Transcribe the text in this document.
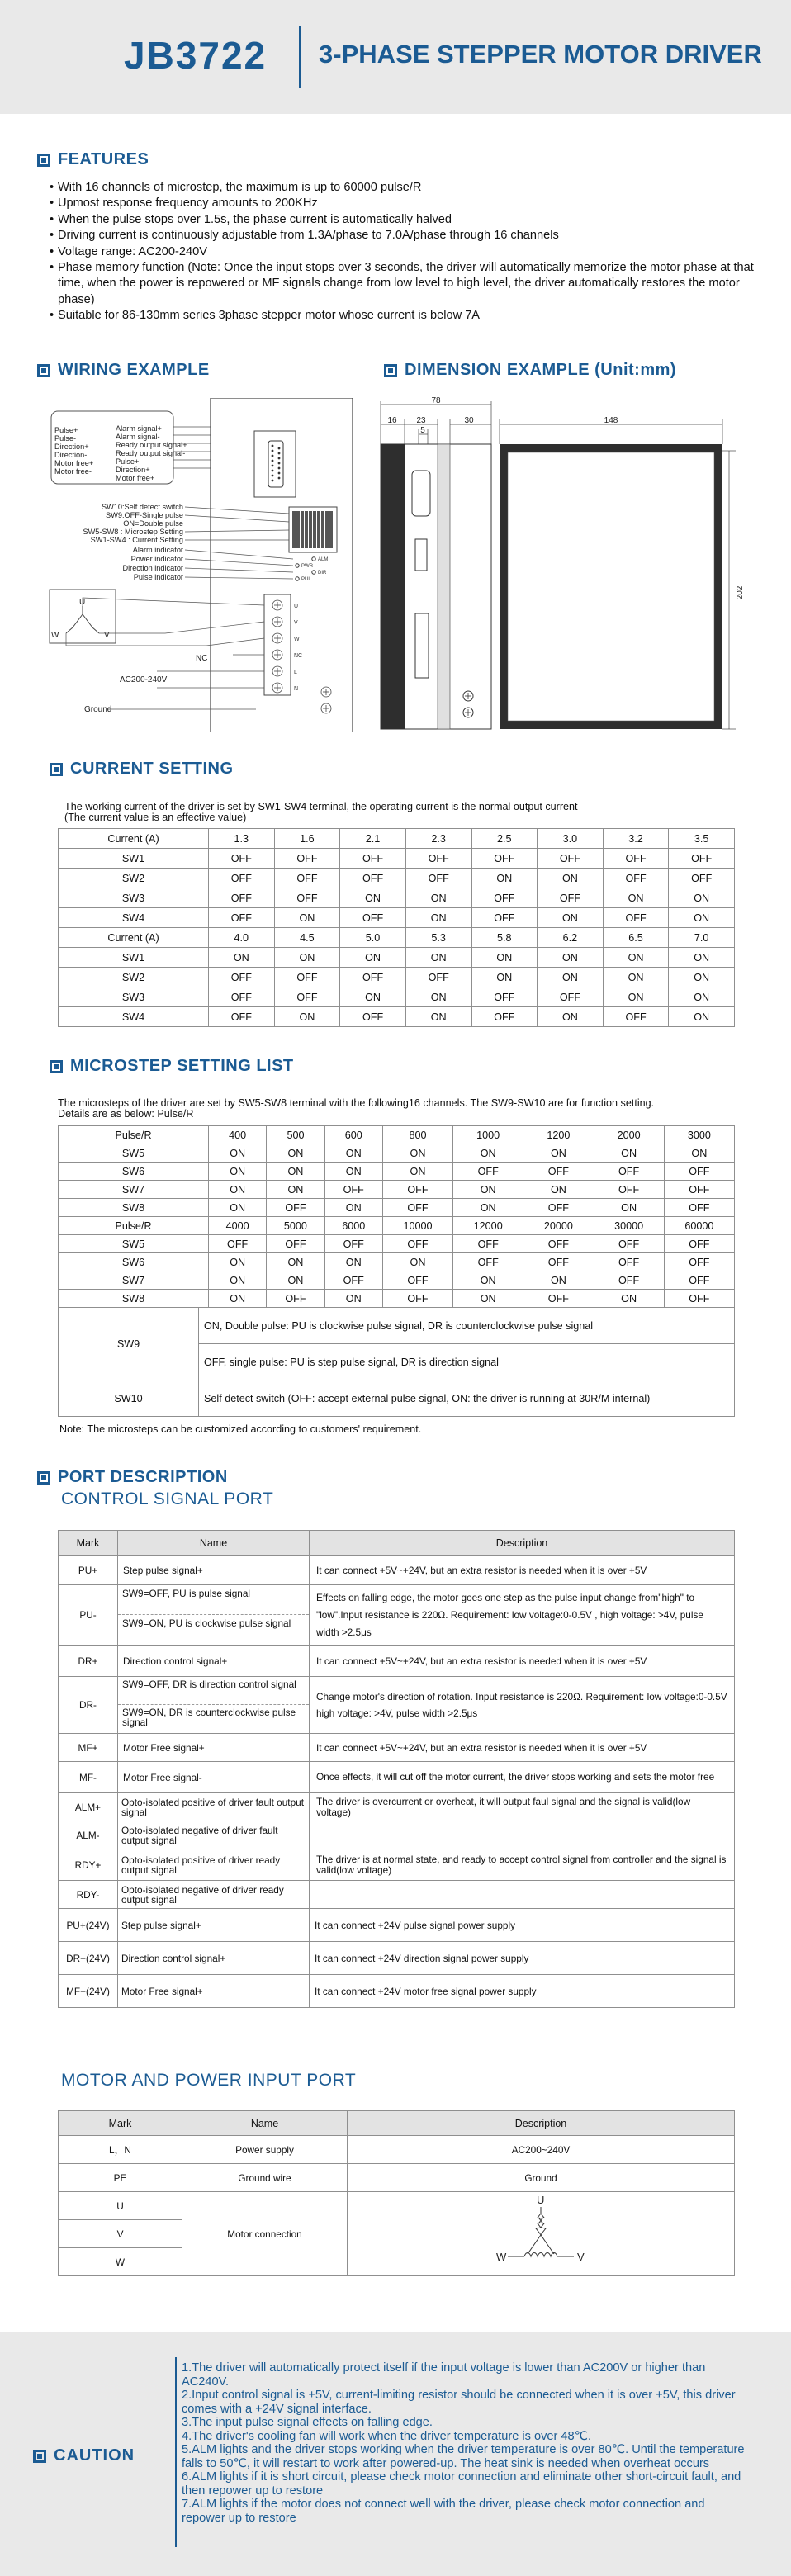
JB3722 3-PHASE STEPPER MOTOR DRIVER
FEATURES
• With 16 channels of microstep, the maximum is up to 60000 pulse/R
• Upmost response frequency amounts to 200KHz
• When the pulse stops over 1.5s, the phase current is automatically halved
• Driving current is continuously adjustable from 1.3A/phase to 7.0A/phase through 16 channels
• Voltage range: AC200-240V
• Phase memory function (Note: Once the input stops over 3 seconds, the driver will automatically memorize the motor phase at that time, when the power is repowered or MF signals change from low level to high level, the driver automatically restores the motor phase)
• Suitable for 86-130mm series 3phase stepper motor whose current is below 7A
WIRING EXAMPLE
Pulse+
Pulse-
Direction+
Direction-
Motor free+
Motor free-
Alarm signal+
Alarm signal-
Ready output signal+
Ready output signal-
Pulse+
Direction+
Motor free+
SW10:Self detect switch
SW9:OFF-Single pulse
ON=Double pulse
SW5-SW8 : Microstep Setting
SW1-SW4 : Current Setting
Alarm indicator
Power indicator
Direction indicator
Pulse indicator
ALM
PWR
DIR
PUL
U
V
W
NC
L
N
U
W	V
NC
AC200-240V
Ground
DIMENSION EXAMPLE (Unit:mm)
78
16 23	30
5
148
202
CURRENT SETTING
The working current of the driver is set by SW1-SW4 terminal, the operating current is the normal output current
(The current value is an effective value)
Current (A)	1.3	1.6	2.1	2.3	2.5	3.0	3.2	3.5
SW1	OFF	OFF	OFF	OFF	OFF	OFF	OFF	OFF
SW2	OFF	OFF	OFF	OFF	ON	ON	OFF	OFF
SW3	OFF	OFF	ON	ON	OFF	OFF	ON	ON
SW4	OFF	ON	OFF	ON	OFF	ON	OFF	ON
Current (A)	4.0	4.5	5.0	5.3	5.8	6.2	6.5	7.0
SW1	ON	ON	ON	ON	ON	ON	ON	ON
SW2	OFF	OFF	OFF	OFF	ON	ON	ON	ON
SW3	OFF	OFF	ON	ON	OFF	OFF	ON	ON
SW4	OFF	ON	OFF	ON	OFF	ON	OFF	ON
MICROSTEP SETTING LIST
The microsteps of the driver are set by SW5-SW8 terminal with the following16 channels. The SW9-SW10 are for function setting.
Details are as below: Pulse/R
Pulse/R	400	500	600	800	1000	1200	2000	3000
SW5	ON	ON	ON	ON	ON	ON	ON	ON
SW6	ON	ON	ON	ON	OFF	OFF	OFF	OFF
SW7	ON	ON	OFF	OFF	ON	ON	OFF	OFF
SW8	ON	OFF	ON	OFF	ON	OFF	ON	OFF
Pulse/R	4000	5000	6000	10000	12000	20000	30000	60000
SW5	OFF	OFF	OFF	OFF	OFF	OFF	OFF	OFF
SW6	ON	ON	ON	ON	OFF	OFF	OFF	OFF
SW7	ON	ON	OFF	OFF	ON	ON	OFF	OFF
SW8	ON	OFF	ON	OFF	ON	OFF	ON	OFF
SW9	ON, Double pulse: PU is clockwise pulse signal, DR is counterclockwise pulse signal
	OFF, single pulse: PU is step pulse signal, DR is direction signal
SW10	Self detect switch (OFF: accept external pulse signal, ON: the driver is running at 30R/M internal)
Note: The microsteps can be customized according to customers' requirement.
PORT DESCRIPTION
CONTROL SIGNAL PORT
Mark	Name	Description
PU+	Step pulse signal+	It can connect +5V~+24V, but an extra resistor is needed when it is over +5V
PU-	SW9=OFF, PU is pulse signal
SW9=ON, PU is clockwise pulse signal	Effects on falling edge, the motor goes one step as the pulse input change from"high" to "low".Input resistance is 220Ω. Requirement: low voltage:0-0.5V , high voltage: >4V, pulse width >2.5μs
DR+	Direction control signal+	It can connect +5V~+24V, but an extra resistor is needed when it is over +5V
DR-	SW9=OFF, DR is direction control signal
SW9=ON, DR is counterclockwise pulse signal	Change motor's direction of rotation. Input resistance is 220Ω. Requirement: low voltage:0-0.5V high voltage: >4V, pulse width >2.5μs
MF+	Motor Free signal+	It can connect +5V~+24V, but an extra resistor is needed when it is over +5V
MF-	Motor Free signal-	Once effects, it will cut off the motor current, the driver stops working and sets the motor free
ALM+	Opto-isolated positive of driver fault output signal	The driver is overcurrent or overheat, it will output faul signal and the signal is valid(low voltage)
ALM-	Opto-isolated negative of driver fault output signal	
RDY+	Opto-isolated positive of driver ready output signal	The driver is at normal state, and ready to accept control signal from controller and the signal is valid(low voltage)
RDY-	Opto-isolated negative of driver ready output signal	
PU+(24V)	Step pulse signal+	It can connect +24V pulse signal power supply
DR+(24V)	Direction control signal+	It can connect +24V direction signal power supply
MF+(24V)	Motor Free signal+	It can connect +24V motor free signal power supply
MOTOR AND POWER INPUT PORT
Mark	Name	Description
L，N	Power supply	AC200~240V
PE	Ground wire	Ground
U	Motor connection	U
W V

V		
W		
CAUTION
1.The driver will automatically protect itself if the input voltage is lower than AC200V or higher than AC240V.
2.Input control signal is +5V, current-limiting resistor should be connected when it is over +5V, this driver comes with a +24V signal interface.
3.The input pulse signal effects on falling edge.
4.The driver's cooling fan will work when the driver temperature is over 48℃.
5.ALM lights and the driver stops working when the driver temperature is over 80℃. Until the temperature falls to 50℃, it will restart to work after powered-up. The heat sink is needed when overheat occurs
6.ALM lights if it is short circuit, please check motor connection and eliminate other short-circuit fault, and then repower up to restore
7.ALM lights if the motor does not connect well with the driver, please check motor connection and repower up to restore
